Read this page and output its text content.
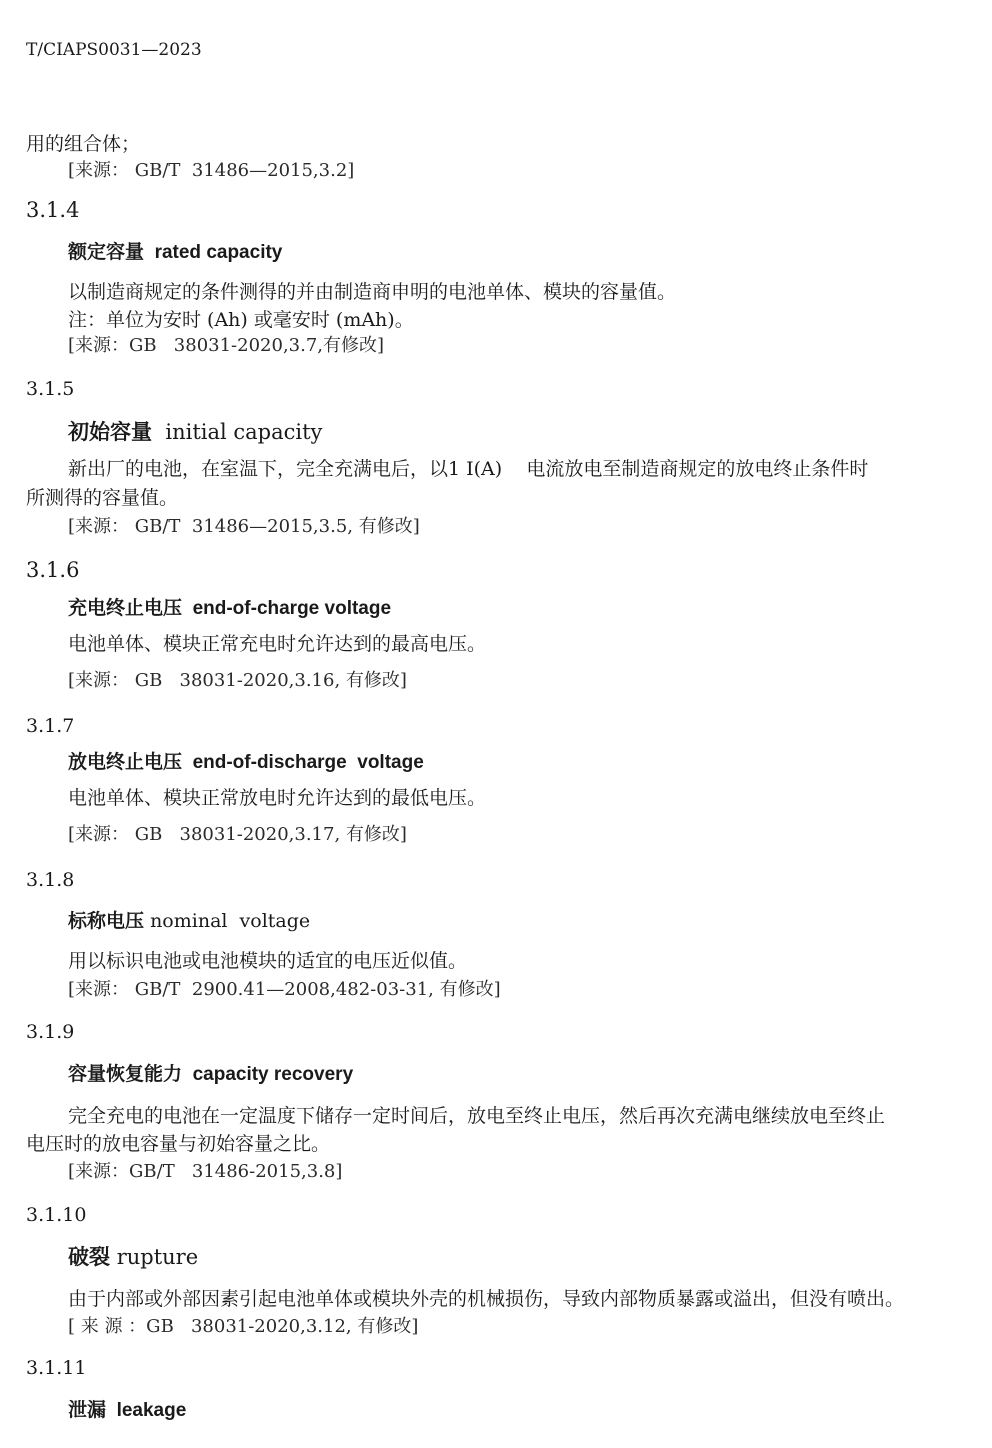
T/CIAPS0031—2023
用的组合体；
[来源： GB/T  31486—2015,3.2]
3.1.4
额定容量 rated capacity
以制造商规定的条件测得的并由制造商申明的电池单体、模块的容量值。
注：单位为安时 (Ah) 或毫安时 (mAh)。
[来源：GB   38031-2020,3.7,有修改]
3.1.5
初始容量 initial capacity
新出厂的电池，在室温下，完全充满电后，以1 I(A)    电流放电至制造商规定的放电终止条件时
所测得的容量值。
[来源： GB/T  31486—2015,3.5, 有修改]
3.1.6
充电终止电压 end-of-charge voltage
电池单体、模块正常充电时允许达到的最高电压。
[来源： GB   38031-2020,3.16, 有修改]
3.1.7
放电终止电压 end-of-discharge  voltage
电池单体、模块正常放电时允许达到的最低电压。
[来源： GB   38031-2020,3.17, 有修改]
3.1.8
标称电压 nominal  voltage
用以标识电池或电池模块的适宜的电压近似值。
[来源： GB/T  2900.41—2008,482-03-31, 有修改]
3.1.9
容量恢复能力 capacity recovery
完全充电的电池在一定温度下储存一定时间后，放电至终止电压，然后再次充满电继续放电至终止
电压时的放电容量与初始容量之比。
[来源：GB/T   31486-2015,3.8]
3.1.10
破裂 rupture
由于内部或外部因素引起电池单体或模块外壳的机械损伤，导致内部物质暴露或溢出，但没有喷出。
[ 来 源 ：GB   38031-2020,3.12, 有修改]
3.1.11
泄漏 leakage
